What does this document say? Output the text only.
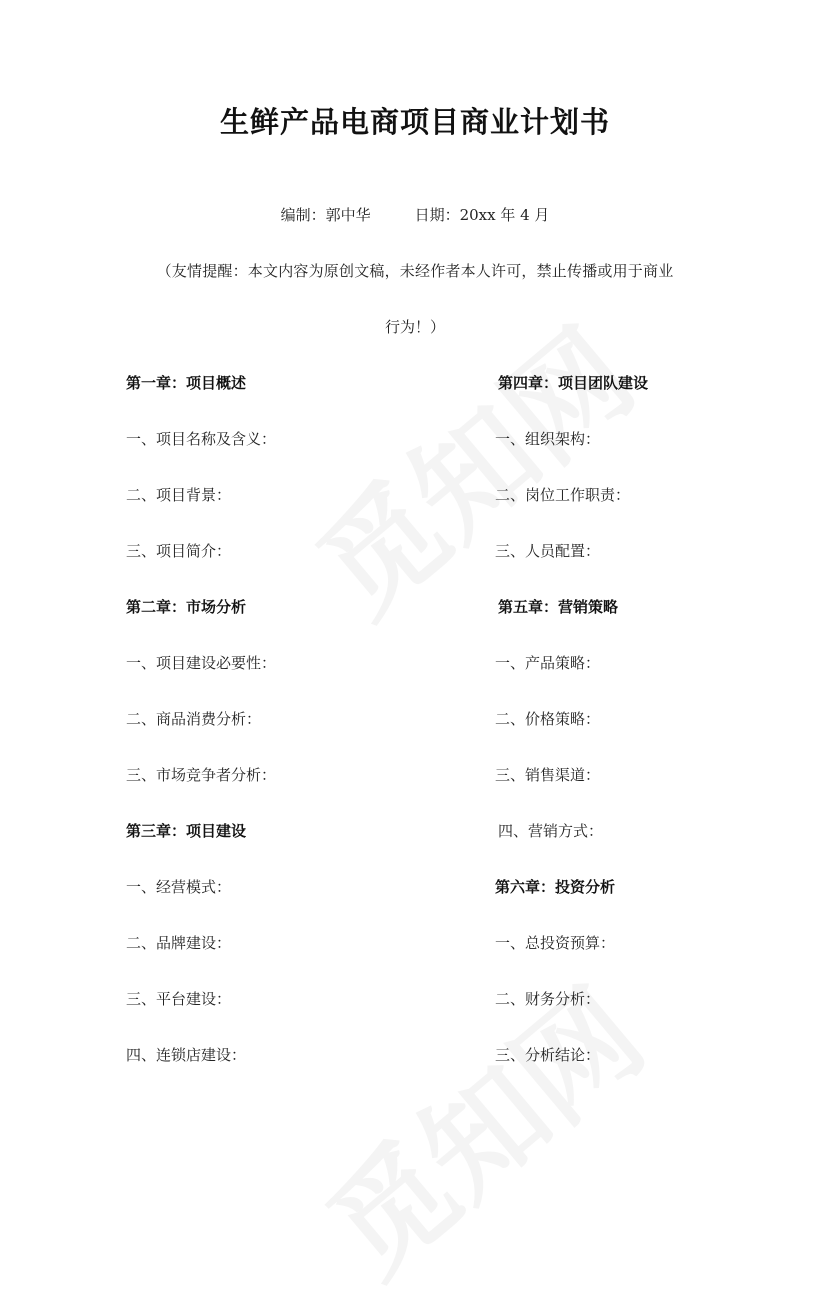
生鲜产品电商项目商业计划书
编制：郭中华	日期：20xx 年 4 月
（友情提醒：本文内容为原创文稿，未经作者本人许可，禁止传播或用于商业
行为！）
第一章：项目概述
一、项目名称及含义：
二、项目背景：
三、项目简介：
第二章：市场分析
一、项目建设必要性：
二、商品消费分析：
三、市场竞争者分析：
第三章：项目建设
一、经营模式：
二、品牌建设：
三、平台建设：
四、连锁店建设：
第四章：项目团队建设
一、组织架构：
二、岗位工作职责：
三、人员配置：
第五章：营销策略
一、产品策略：
二、价格策略：
三、销售渠道：
四、营销方式：
第六章：投资分析
一、总投资预算：
二、财务分析：
三、分析结论：
